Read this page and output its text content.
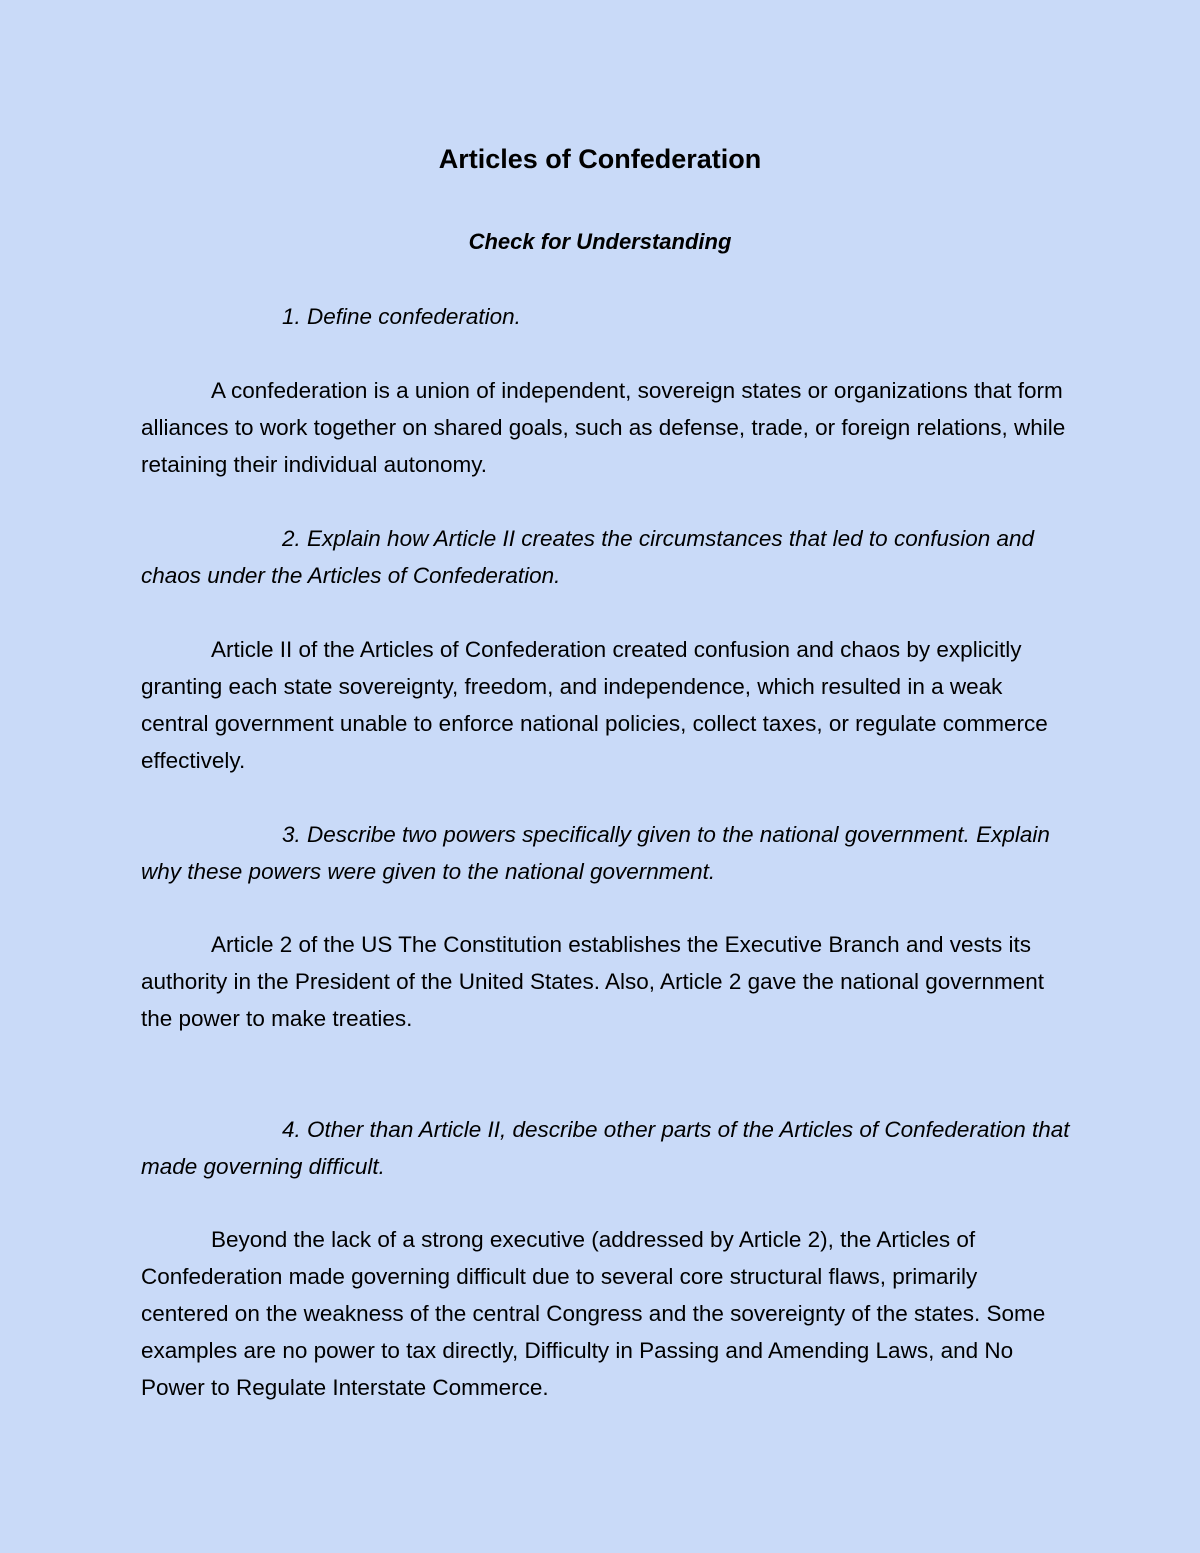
Articles of Confederation
Check for Understanding

1. Define confederation.

A confederation is a union of independent, sovereign states or organizations that form alliances to work together on shared goals, such as defense, trade, or foreign relations, while retaining their individual autonomy.

2. Explain how Article II creates the circumstances that led to confusion and chaos under the Articles of Confederation.

Article II of the Articles of Confederation created confusion and chaos by explicitly granting each state sovereignty, freedom, and independence, which resulted in a weak central government unable to enforce national policies, collect taxes, or regulate commerce effectively.

3. Describe two powers specifically given to the national government. Explain why these powers were given to the national government.

Article 2 of the US The Constitution establishes the Executive Branch and vests its authority in the President of the United States. Also, Article 2 gave the national government the power to make treaties.

4. Other than Article II, describe other parts of the Articles of Confederation that made governing difficult.

Beyond the lack of a strong executive (addressed by Article 2), the Articles of Confederation made governing difficult due to several core structural flaws, primarily centered on the weakness of the central Congress and the sovereignty of the states. Some examples are no power to tax directly, Difficulty in Passing and Amending Laws, and No Power to Regulate Interstate Commerce.
